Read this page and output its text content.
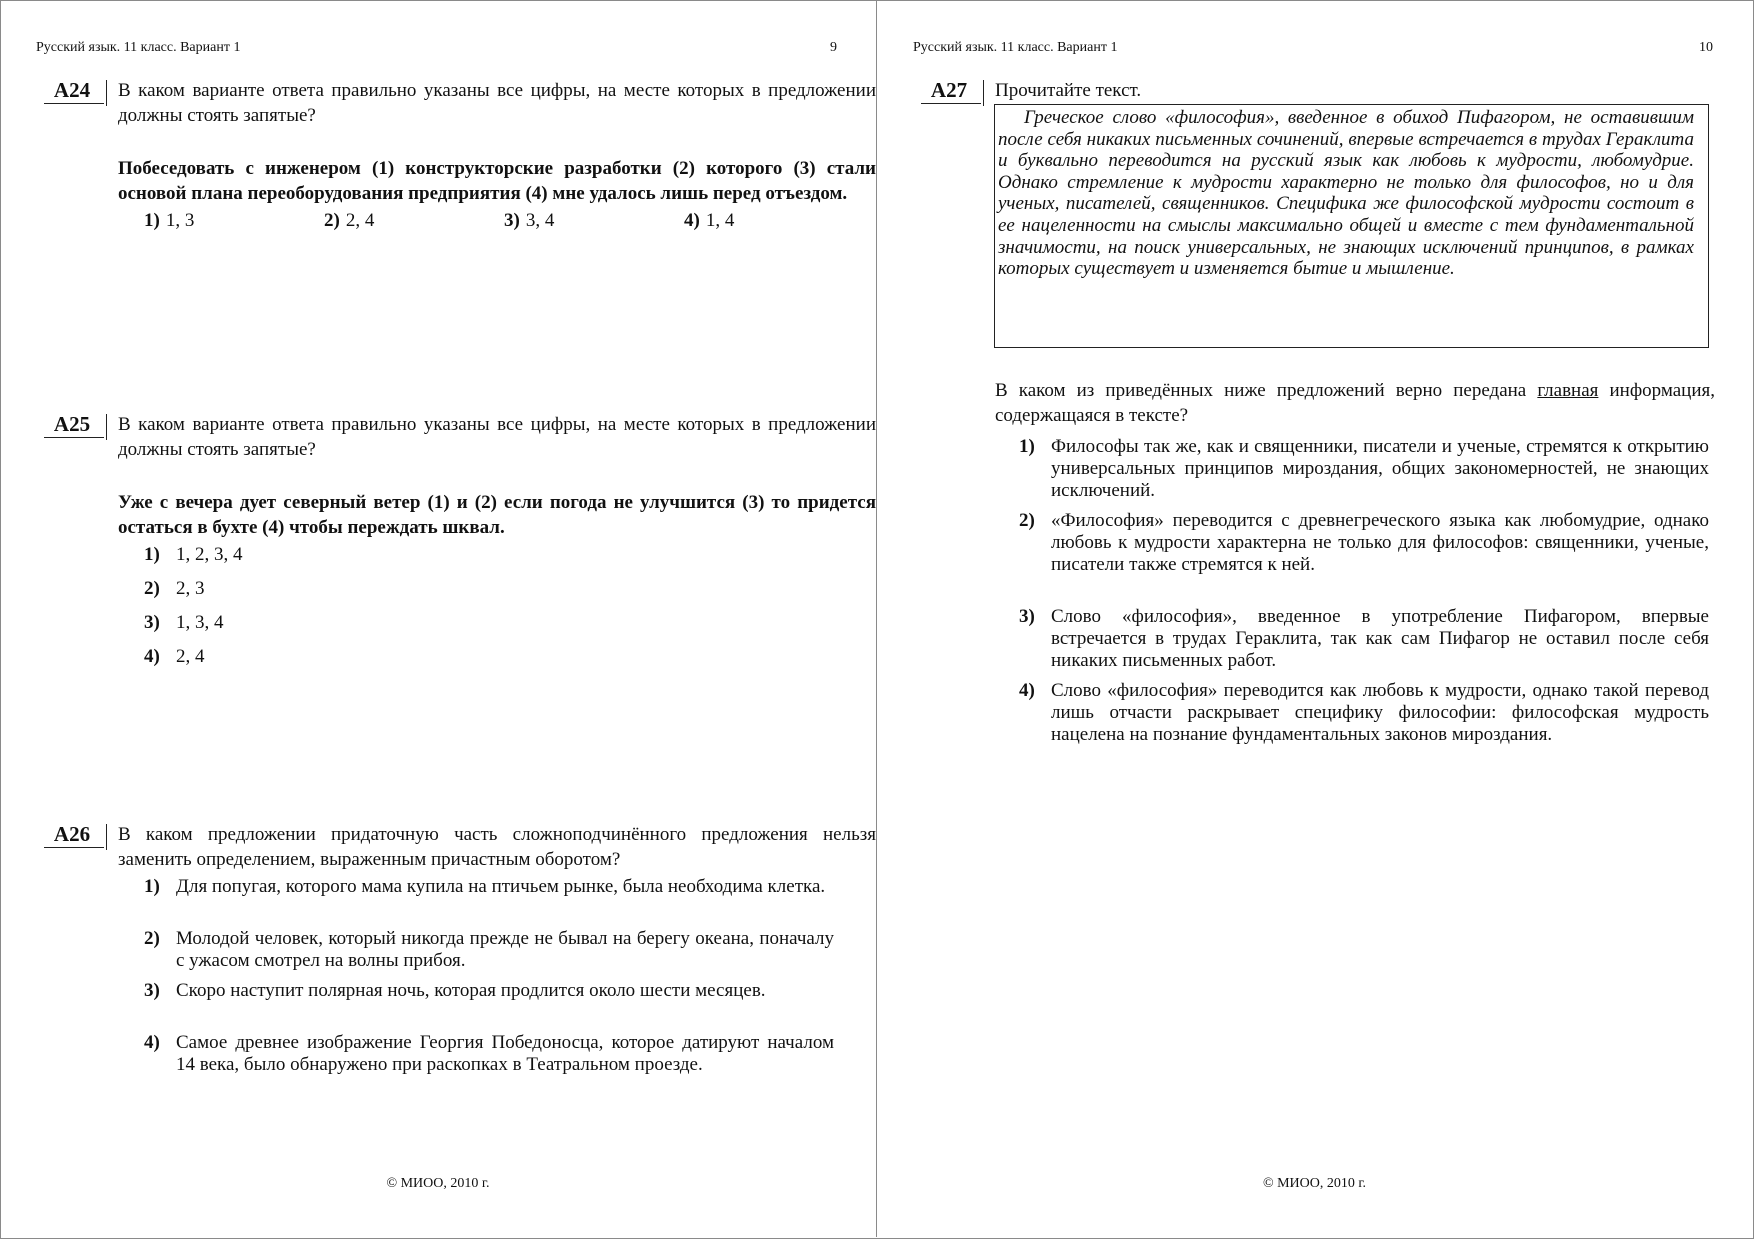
Русский язык. 11 класс. Вариант 1	9
А24	В каком варианте ответа правильно указаны все цифры, на месте которых в предложении должны стоять запятые?

Побеседовать с инженером (1) конструкторские разработки (2) которого (3) стали основой плана переоборудования предприятия (4) мне удалось лишь перед отъездом.

1) 1, 3	2) 2, 4	3) 3, 4	4) 1, 4
А25	В каком варианте ответа правильно указаны все цифры, на месте которых в предложении должны стоять запятые?

Уже с вечера дует северный ветер (1) и (2) если погода не улучшится (3) то придется остаться в бухте (4) чтобы переждать шквал.

1) 1, 2, 3, 4
2) 2, 3
3) 1, 3, 4
4) 2, 4
А26	В каком предложении придаточную часть сложноподчинённого предложения нельзя заменить определением, выраженным причастным оборотом?

1) Для попугая, которого мама купила на птичьем рынке, была необходима клетка.
2) Молодой человек, который никогда прежде не бывал на берегу океана, поначалу с ужасом смотрел на волны прибоя.
3) Скоро наступит полярная ночь, которая продлится около шести месяцев.
4) Самое древнее изображение Георгия Победоносца, которое датируют началом 14 века, было обнаружено при раскопках в Театральном проезде.
© МИОО, 2010 г.
Русский язык. 11 класс. Вариант 1	10
А27	Прочитайте текст.

Греческое слово «философия», введенное в обиход Пифагором, не оставившим после себя никаких письменных сочинений, впервые встречается в трудах Гераклита и буквально переводится на русский язык как любовь к мудрости, любомудрие. Однако стремление к мудрости характерно не только для философов, но и для ученых, писателей, священников. Специфика же философской мудрости состоит в ее нацеленности на смыслы максимально общей и вместе с тем фундаментальной значимости, на поиск универсальных, не знающих исключений принципов, в рамках которых существует и изменяется бытие и мышление.

В каком из приведённых ниже предложений верно передана главная информация, содержащаяся в тексте?

1) Философы так же, как и священники, писатели и ученые, стремятся к открытию универсальных принципов мироздания, общих закономерностей, не знающих исключений.
2) «Философия» переводится с древнегреческого языка как любомудрие, однако любовь к мудрости характерна не только для философов: священники, ученые, писатели также стремятся к ней.
3) Слово «философия», введенное в употребление Пифагором, впервые встречается в трудах Гераклита, так как сам Пифагор не оставил после себя никаких письменных работ.
4) Слово «философия» переводится как любовь к мудрости, однако такой перевод лишь отчасти раскрывает специфику философии: философская мудрость нацелена на познание фундаментальных законов мироздания.
© МИОО, 2010 г.
